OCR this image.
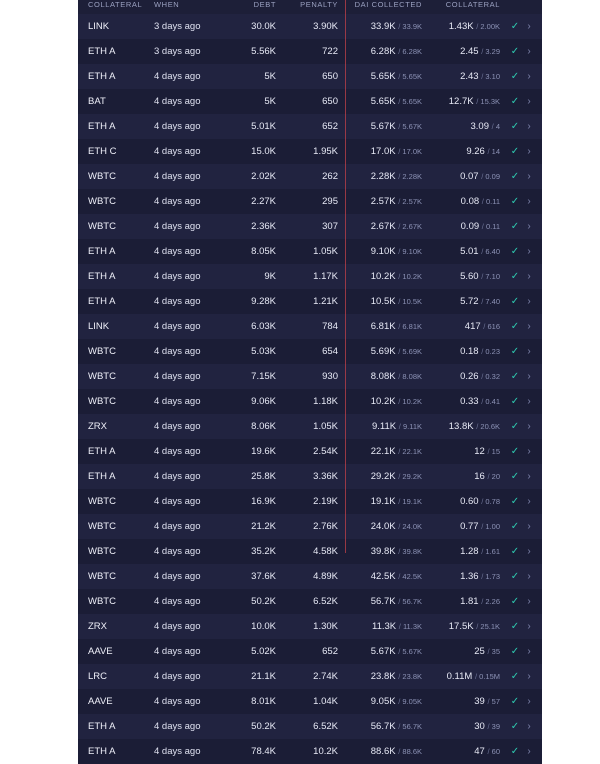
COLLATERAL	WHEN	DEBT	PENALTY	DAI COLLECTED	COLLATERAL	
LINK	3 days ago	30.0K	3.90K	33.9K / 33.9K	1.43K / 2.00K	✓ ›
ETH A	3 days ago	5.56K	722	6.28K / 6.28K	2.45 / 3.29	✓ ›
ETH A	4 days ago	5K	650	5.65K / 5.65K	2.43 / 3.10	✓ ›
BAT	4 days ago	5K	650	5.65K / 5.65K	12.7K / 15.3K	✓ ›
ETH A	4 days ago	5.01K	652	5.67K / 5.67K	3.09 / 4	✓ ›
ETH C	4 days ago	15.0K	1.95K	17.0K / 17.0K	9.26 / 14	✓ ›
WBTC	4 days ago	2.02K	262	2.28K / 2.28K	0.07 / 0.09	✓ ›
WBTC	4 days ago	2.27K	295	2.57K / 2.57K	0.08 / 0.11	✓ ›
WBTC	4 days ago	2.36K	307	2.67K / 2.67K	0.09 / 0.11	✓ ›
ETH A	4 days ago	8.05K	1.05K	9.10K / 9.10K	5.01 / 6.40	✓ ›
ETH A	4 days ago	9K	1.17K	10.2K / 10.2K	5.60 / 7.10	✓ ›
ETH A	4 days ago	9.28K	1.21K	10.5K / 10.5K	5.72 / 7.40	✓ ›
LINK	4 days ago	6.03K	784	6.81K / 6.81K	417 / 616	✓ ›
WBTC	4 days ago	5.03K	654	5.69K / 5.69K	0.18 / 0.23	✓ ›
WBTC	4 days ago	7.15K	930	8.08K / 8.08K	0.26 / 0.32	✓ ›
WBTC	4 days ago	9.06K	1.18K	10.2K / 10.2K	0.33 / 0.41	✓ ›
ZRX	4 days ago	8.06K	1.05K	9.11K / 9.11K	13.8K / 20.6K	✓ ›
ETH A	4 days ago	19.6K	2.54K	22.1K / 22.1K	12 / 15	✓ ›
ETH A	4 days ago	25.8K	3.36K	29.2K / 29.2K	16 / 20	✓ ›
WBTC	4 days ago	16.9K	2.19K	19.1K / 19.1K	0.60 / 0.78	✓ ›
WBTC	4 days ago	21.2K	2.76K	24.0K / 24.0K	0.77 / 1.00	✓ ›
WBTC	4 days ago	35.2K	4.58K	39.8K / 39.8K	1.28 / 1.61	✓ ›
WBTC	4 days ago	37.6K	4.89K	42.5K / 42.5K	1.36 / 1.73	✓ ›
WBTC	4 days ago	50.2K	6.52K	56.7K / 56.7K	1.81 / 2.26	✓ ›
ZRX	4 days ago	10.0K	1.30K	11.3K / 11.3K	17.5K / 25.1K	✓ ›
AAVE	4 days ago	5.02K	652	5.67K / 5.67K	25 / 35	✓ ›
LRC	4 days ago	21.1K	2.74K	23.8K / 23.8K	0.11M / 0.15M	✓ ›
AAVE	4 days ago	8.01K	1.04K	9.05K / 9.05K	39 / 57	✓ ›
ETH A	4 days ago	50.2K	6.52K	56.7K / 56.7K	30 / 39	✓ ›
ETH A	4 days ago	78.4K	10.2K	88.6K / 88.6K	47 / 60	✓ ›
